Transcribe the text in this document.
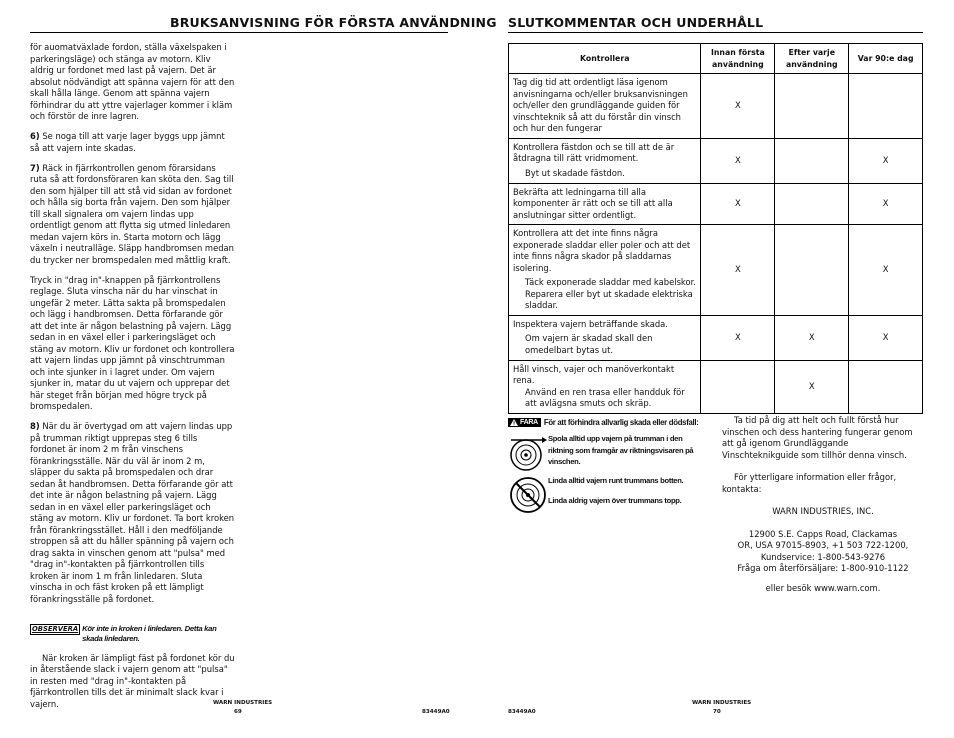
BRUKSANVISNING FÖR FÖRSTA ANVÄNDNING

för auomatväxlade fordon, ställa växelspaken i parkeringsläge) och stänga av motorn. Kliv aldrig ur fordonet med last på vajern. Det är absolut nödvändigt att spänna vajern för att den skall hålla länge. Genom att spänna vajern förhindrar du att yttre vajerlager kommer i kläm och förstör de inre lagren.

6) Se noga till att varje lager byggs upp jämnt så att vajern inte skadas.

7) Räck in fjärrkontrollen genom förarsidans ruta så att fordonsföraren kan sköta den. Sag till den som hjälper till att stå vid sidan av fordonet och hålla sig borta från vajern. Den som hjälper till skall signalera om vajern lindas upp ordentligt genom att flytta sig utmed linledaren medan vajern körs in. Starta motorn och lägg växeln i neutralläge. Släpp handbromsen medan du trycker ner bromspedalen med måttlig kraft.

Tryck in "drag in"-knappen på fjärrkontrollens reglage. Sluta vinscha när du har vinschat in ungefär 2 meter. Lätta sakta på bromspedalen och lägg i handbromsen. Detta förfarande gör att det inte är någon belastning på vajern. Lägg sedan in en växel eller i parkeringsläget och stäng av motorn. Kliv ur fordonet och kontrollera att vajern lindas upp jämnt på vinschtrumman och inte sjunker in i lagret under. Om vajern sjunker in, matar du ut vajern och upprepar det här steget från början med högre tryck på bromspedalen.

8) När du är övertygad om att vajern lindas upp på trumman riktigt upprepas steg 6 tills fordonet är inom 2 m från vinschens förankringsställe. När du väl är inom 2 m, släpper du sakta på bromspedalen och drar sedan åt handbromsen. Detta förfarande gör att det inte är någon belastning på vajern. Lägg sedan in en växel eller parkeringsläget och stäng av motorn. Kliv ur fordonet. Ta bort kroken från förankringsstället. Håll i den medföljande stroppen så att du håller spänning på vajern och drag sakta in vinschen genom att "pulsa" med "drag in"-kontakten på fjärrkontrollen tills kroken är inom 1 m från linledaren. Sluta vinscha in och fäst kroken på ett lämpligt förankringsställe på fordonet.

OBSERVERA Kör inte in kroken i linledaren. Detta kan skada linledaren.

När kroken är lämpligt fäst på fordonet kör du in återstående slack i vajern genom att "pulsa" in resten med "drag in"-kontakten på fjärrkontrollen tills det är minimalt slack kvar i vajern.	WARN INDUSTRIES
69	83449A0
SLUTKOMMENTAR OCH UNDERHÅLL
Kontrollera	Innan första användning	Efter varje användning	Var 90:e dag

Tag dig tid att ordentligt läsa igenom anvisningarna och/eller bruksanvisningen och/eller den grundläggande guiden för vinschteknik så att du förstår din vinsch och hur den fungerar	X		

Kontrollera fästdon och se till att de är åtdragna till rätt vridmoment.
Byt ut skadade fästdon.	X		X

Bekräfta att ledningarna till alla komponenter är rätt och se till att alla anslutningar sitter ordentligt.	X		X

Kontrollera att det inte finns några exponerade sladdar eller poler och att det inte finns några skador på sladdarnas isolering.
Täck exponerade sladdar med kabelskor. Reparera eller byt ut skadade elektriska sladdar.	X		X

Inspektera vajern beträffande skada.
Om vajern är skadad skall den omedelbart bytas ut.	X	X	X

Håll vinsch, vajer och manöverkontakt rena.
Använd en ren trasa eller handduk för att avlägsna smuts och skräp.		X	
FARA För att förhindra allvarlig skada eller dödsfall:
Spola alltid upp vajern på trumman i den riktning som framgår av riktningsvisaren på vinschen.
Linda alltid vajern runt trummans botten.
Linda aldrig vajern över trummans topp.

Ta tid på dig att helt och fullt förstå hur vinschen och dess hantering fungerar genom att gå igenom Grundläggande Vinschteknikguide som tillhör denna vinsch.

För ytterligare information eller frågor, kontakta:

WARN INDUSTRIES, INC.

12900 S.E. Capps Road, Clackamas
OR, USA 97015-8903, +1 503 722-1200,
Kundservice: 1-800-543-9276
Fråga om återförsäljare: 1-800-910-1122
eller besök www.warn.com.
WARN INDUSTRIES
70
83449A0
